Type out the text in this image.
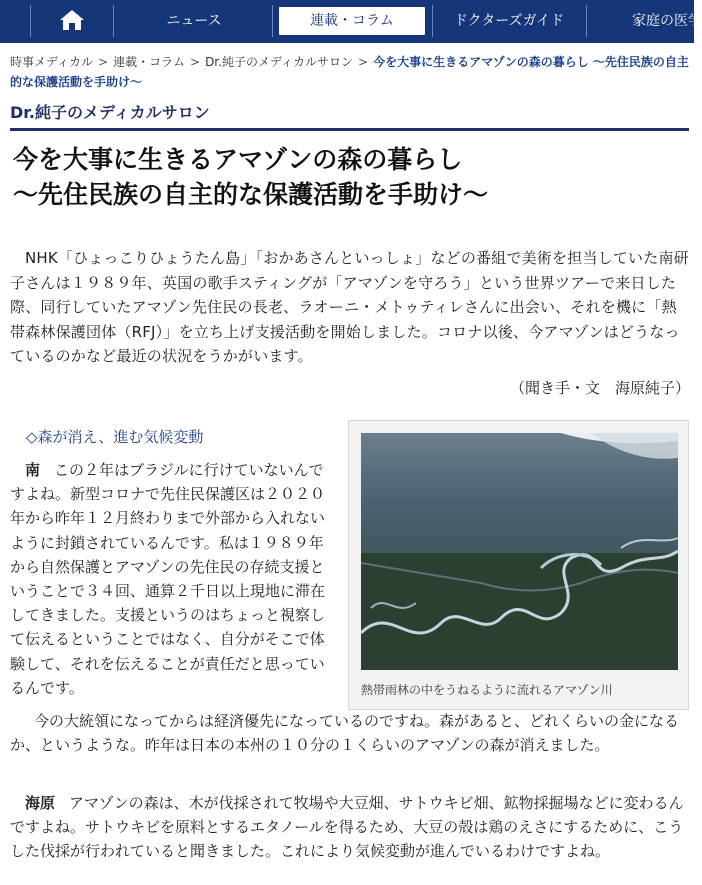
ニュース	連載・コラム	ドクターズガイド	家庭の医学
時事メディカル > 連載・コラム > Dr.純子のメディカルサロン > 今を大事に生きるアマゾンの森の暮らし 〜先住民族の自主的な保護活動を手助け〜
Dr.純子のメディカルサロン
今を大事に生きるアマゾンの森の暮らし
〜先住民族の自主的な保護活動を手助け〜

NHK「ひょっこりひょうたん島」「おかあさんといっしょ」などの番組で美術を担当していた南研子さんは１９８９年、英国の歌手スティングが「アマゾンを守ろう」という世界ツアーで来日した際、同行していたアマゾン先住民の長老、ラオーニ・メトゥティレさんに出会い、それを機に「熱帯森林保護団体（RFJ）」を立ち上げ支援活動を開始しました。コロナ以後、今アマゾンはどうなっているのかなど最近の状況をうかがいます。

（聞き手・文　海原純子）
◇森が消え、進む気候変動

南 この２年はブラジルに行けていないんですよね。新型コロナで先住民保護区は２０２０年から昨年１２月終わりまで外部から入れないように封鎖されているんです。私は１９８９年から自然保護とアマゾンの先住民の存続支援ということで３４回、通算２千日以上現地に滞在してきました。支援というのはちょっと視察して伝えるということではなく、自分がそこで体験して、それを伝えることが責任だと思っているんです。	熱帯雨林の中をうねるように流れるアマゾン川

今の大統領になってからは経済優先になっているのですね。森があると、どれくらいの金になるか、というような。昨年は日本の本州の１０分の１くらいのアマゾンの森が消えました。

海原 アマゾンの森は、木が伐採されて牧場や大豆畑、サトウキビ畑、鉱物採掘場などに変わるんですよね。サトウキビを原料とするエタノールを得るため、大豆の殻は鶏のえさにするために、こうした伐採が行われていると聞きました。これにより気候変動が進んでいるわけですよね。
